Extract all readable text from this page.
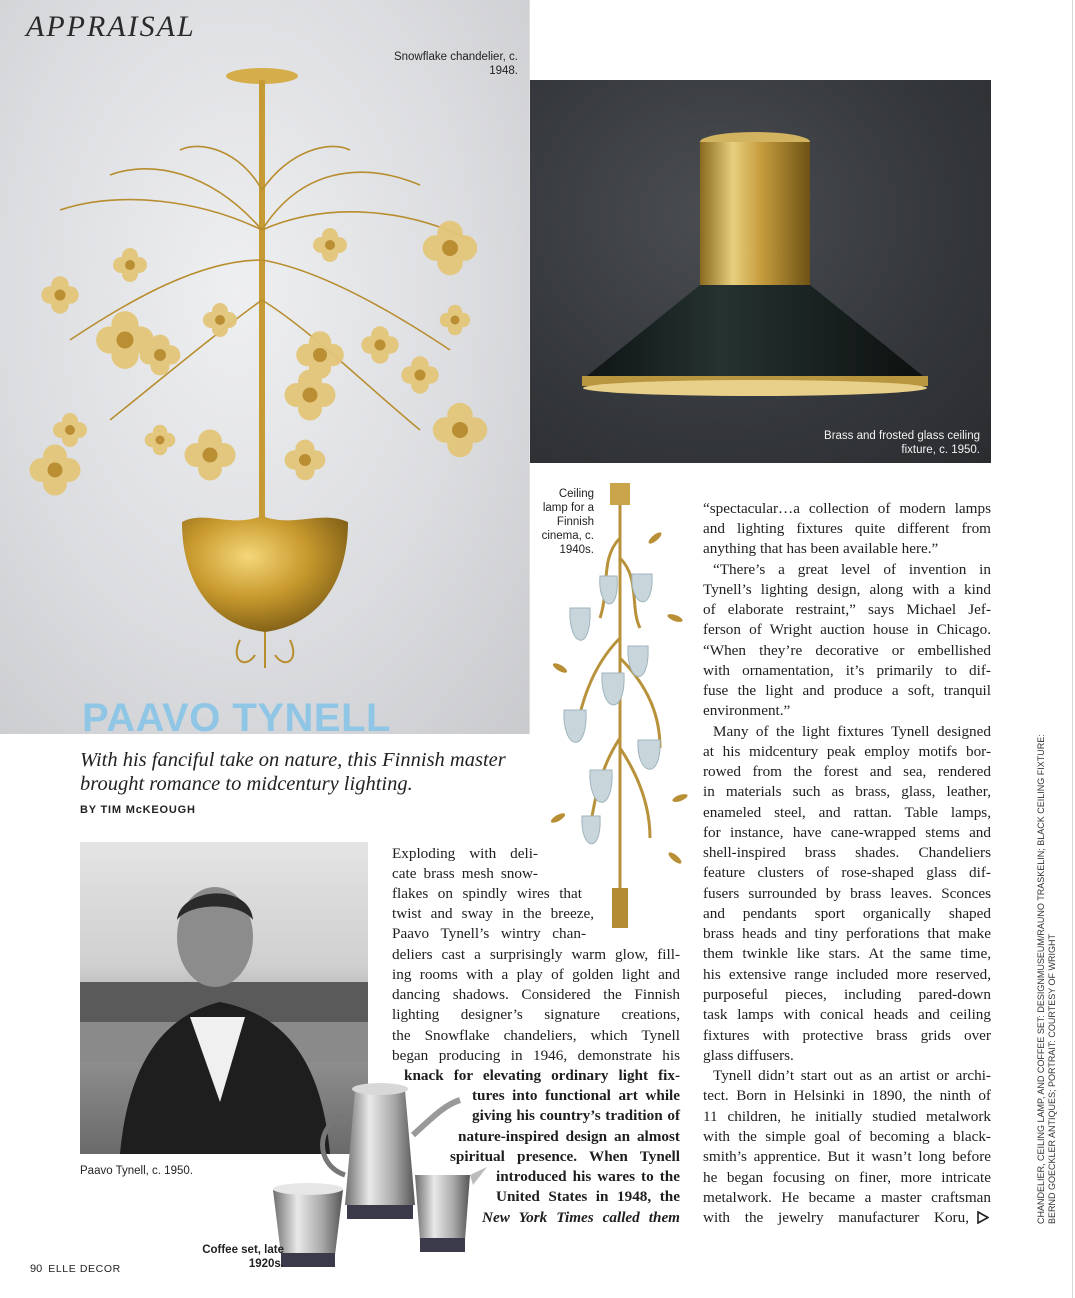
APPRAISAL
Snowflake chandelier, c. 1948.
Brass and frosted glass ceiling fixture, c. 1950.
Ceiling lamp for a Finnish cinema, c. 1940s.
PAAVO TYNELL
With his fanciful take on nature, this Finnish master brought romance to midcentury lighting.
BY TIM McKEOUGH
Paavo Tynell, c. 1950.
Coffee set, late 1920s.
Exploding with deli-
cate brass mesh snow-
flakes on spindly wires that
twist and sway in the breeze,
Paavo Tynell’s wintry chan-
deliers cast a surprisingly warm glow, fill-
ing rooms with a play of golden light and
dancing shadows. Considered the Finnish
lighting designer’s signature creations,
the Snowflake chandeliers, which Tynell
began producing in 1946, demonstrate his
knack for elevating ordinary light fix-
tures into functional art while
giving his country’s tradition of
nature-inspired design an almost
spiritual presence. When Tynell
introduced his wares to the
United States in 1948, the
New York Times called them
“spectacular…a collection of modern lamps
and lighting fixtures quite different from
anything that has been available here.”
“There’s a great level of invention in
Tynell’s lighting design, along with a kind
of elaborate restraint,” says Michael Jef-
ferson of Wright auction house in Chicago.
“When they’re decorative or embellished
with ornamentation, it’s primarily to dif-
fuse the light and produce a soft, tranquil
environment.”
Many of the light fixtures Tynell designed
at his midcentury peak employ motifs bor-
rowed from the forest and sea, rendered
in materials such as brass, glass, leather,
enameled steel, and rattan. Table lamps,
for instance, have cane-wrapped stems and
shell-inspired brass shades. Chandeliers
feature clusters of rose-shaped glass dif-
fusers surrounded by brass leaves. Sconces
and pendants sport organically shaped
brass heads and tiny perforations that make
them twinkle like stars. At the same time,
his extensive range included more reserved,
purposeful pieces, including pared-down
task lamps with conical heads and ceiling
fixtures with protective brass grids over
glass diffusers.
Tynell didn’t start out as an artist or archi-
tect. Born in Helsinki in 1890, the ninth of
11 children, he initially studied metalwork
with the simple goal of becoming a black-
smith’s apprentice. But it wasn’t long before
he began focusing on finer, more intricate
metalwork. He became a master craftsman
with the jewelry manufacturer Koru,
90 ELLE DECOR
CHANDELIER, CEILING LAMP, AND COFFEE SET: DESIGNMUSEUM/RAUNO TRASKELIN; BLACK CEILING FIXTURE: BERND GOECKLER ANTIQUES; PORTRAIT: COURTESY OF WRIGHT
